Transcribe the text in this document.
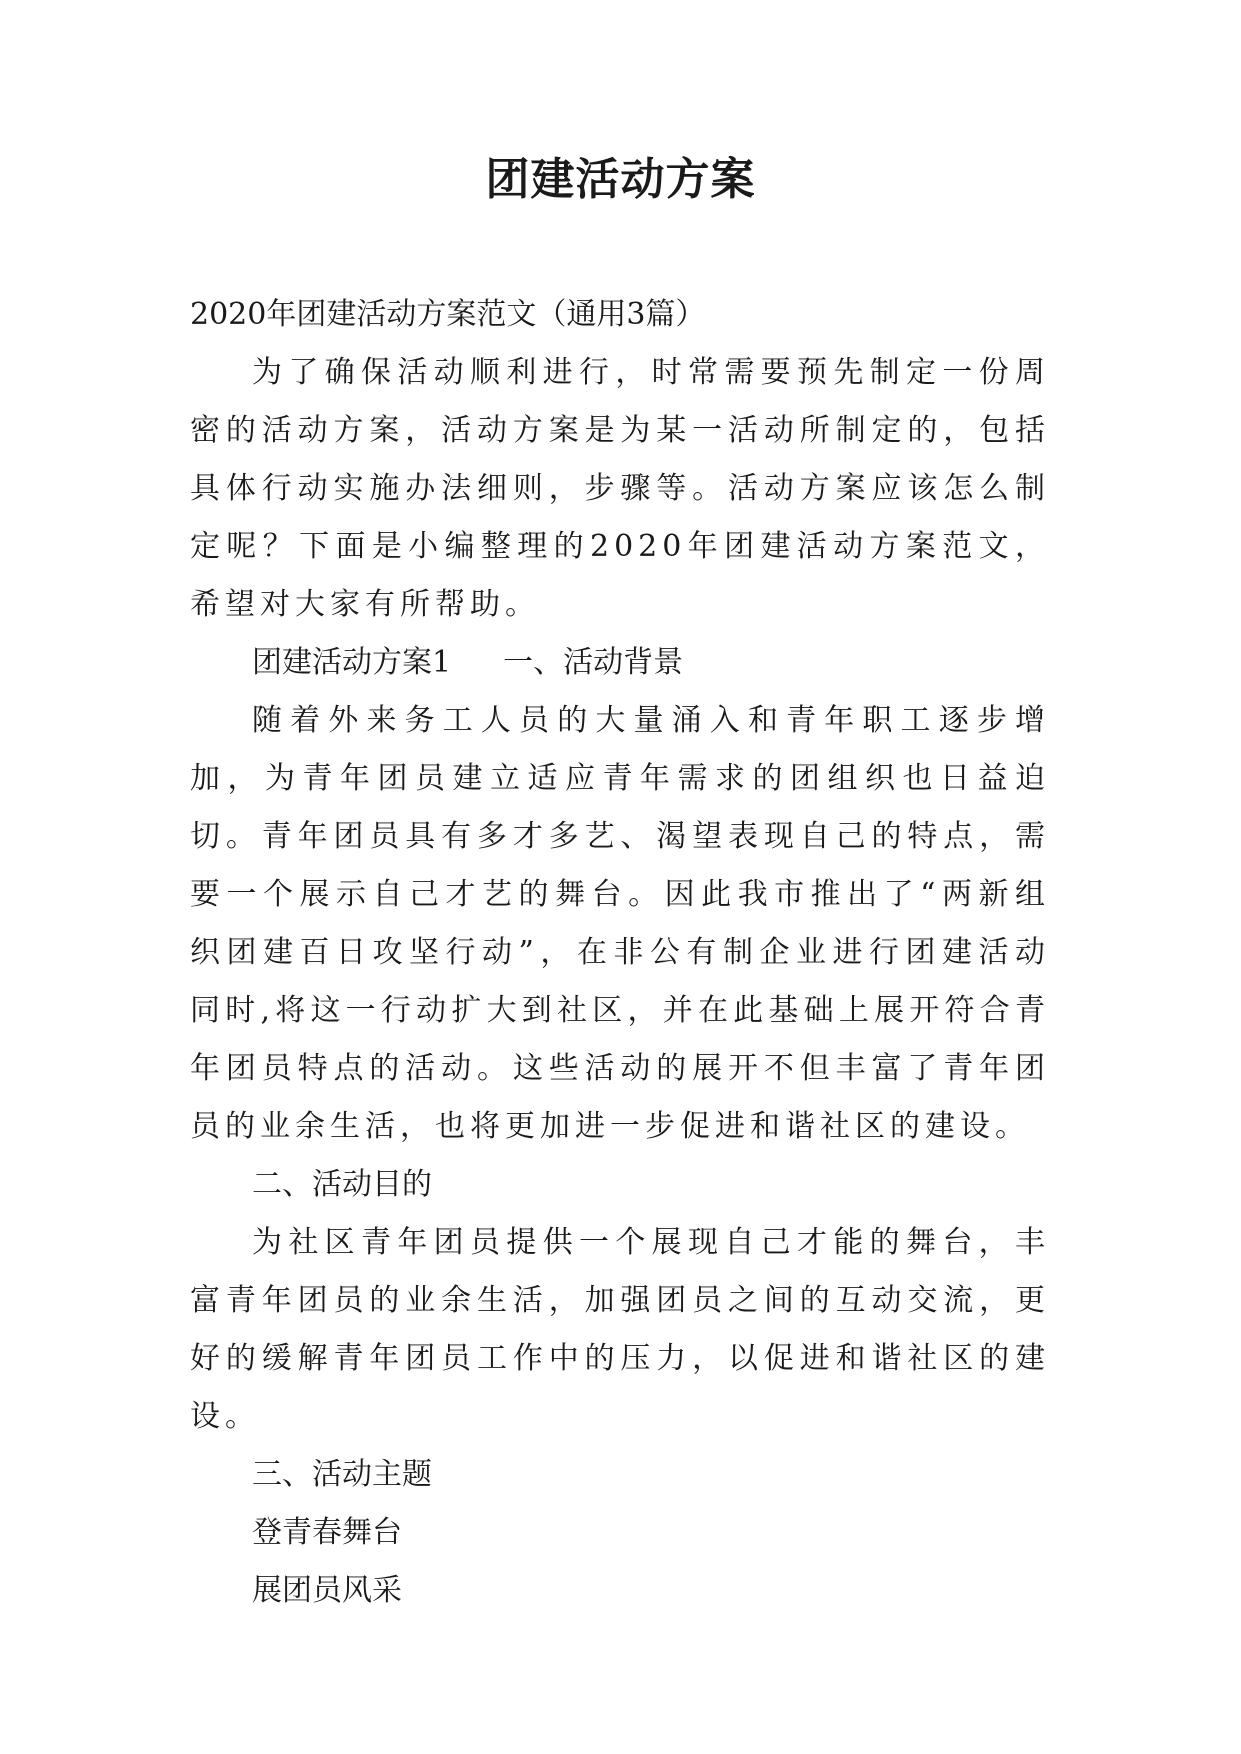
团建活动方案

2020年团建活动方案范文（通用3篇）

为了确保活动顺利进行，时常需要预先制定一份周密的活动方案，活动方案是为某一活动所制定的，包括具体行动实施办法细则，步骤等。活动方案应该怎么制定呢？下面是小编整理的2020年团建活动方案范文，希望对大家有所帮助。

团建活动方案1 一、活动背景

随着外来务工人员的大量涌入和青年职工逐步增加，为青年团员建立适应青年需求的团组织也日益迫切。青年团员具有多才多艺、渴望表现自己的特点，需要一个展示自己才艺的舞台。因此我市推出了“两新组织团建百日攻坚行动”，在非公有制企业进行团建活动同时,将这一行动扩大到社区，并在此基础上展开符合青年团员特点的活动。这些活动的展开不但丰富了青年团员的业余生活，也将更加进一步促进和谐社区的建设。

二、活动目的

为社区青年团员提供一个展现自己才能的舞台，丰富青年团员的业余生活，加强团员之间的互动交流，更好的缓解青年团员工作中的压力，以促进和谐社区的建设。

三、活动主题

登青春舞台

展团员风采
